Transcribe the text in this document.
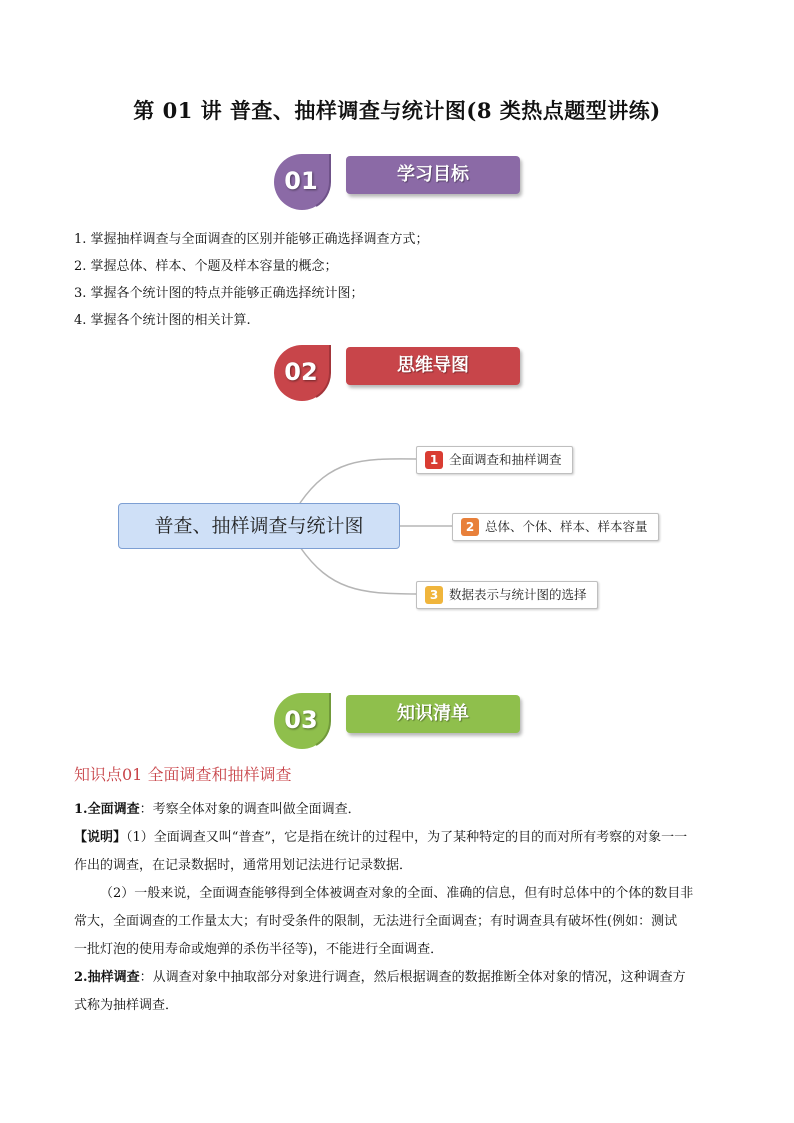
第 01 讲 普查、抽样调查与统计图(8 类热点题型讲练)
01	学习目标
1. 掌握抽样调查与全面调查的区别并能够正确选择调查方式；
2. 掌握总体、样本、个题及样本容量的概念；
3. 掌握各个统计图的特点并能够正确选择统计图；
4. 掌握各个统计图的相关计算.
02	思维导图
普查、抽样调查与统计图
1 全面调查和抽样调查
2 总体、个体、样本、样本容量
3 数据表示与统计图的选择
03	知识清单
知识点01 全面调查和抽样调查

1.全面调查：考察全体对象的调查叫做全面调查．

【说明】（1）全面调查又叫“普查”，它是指在统计的过程中，为了某种特定的目的而对所有考察的对象一一

作出的调查，在记录数据时，通常用划记法进行记录数据．

（2）一般来说，全面调查能够得到全体被调查对象的全面、准确的信息，但有时总体中的个体的数目非

常大，全面调查的工作量太大；有时受条件的限制，无法进行全面调查；有时调查具有破坏性(例如：测试

一批灯泡的使用寿命或炮弹的杀伤半径等)，不能进行全面调查．

2.抽样调查：从调查对象中抽取部分对象进行调查，然后根据调查的数据推断全体对象的情况，这种调查方

式称为抽样调查．
